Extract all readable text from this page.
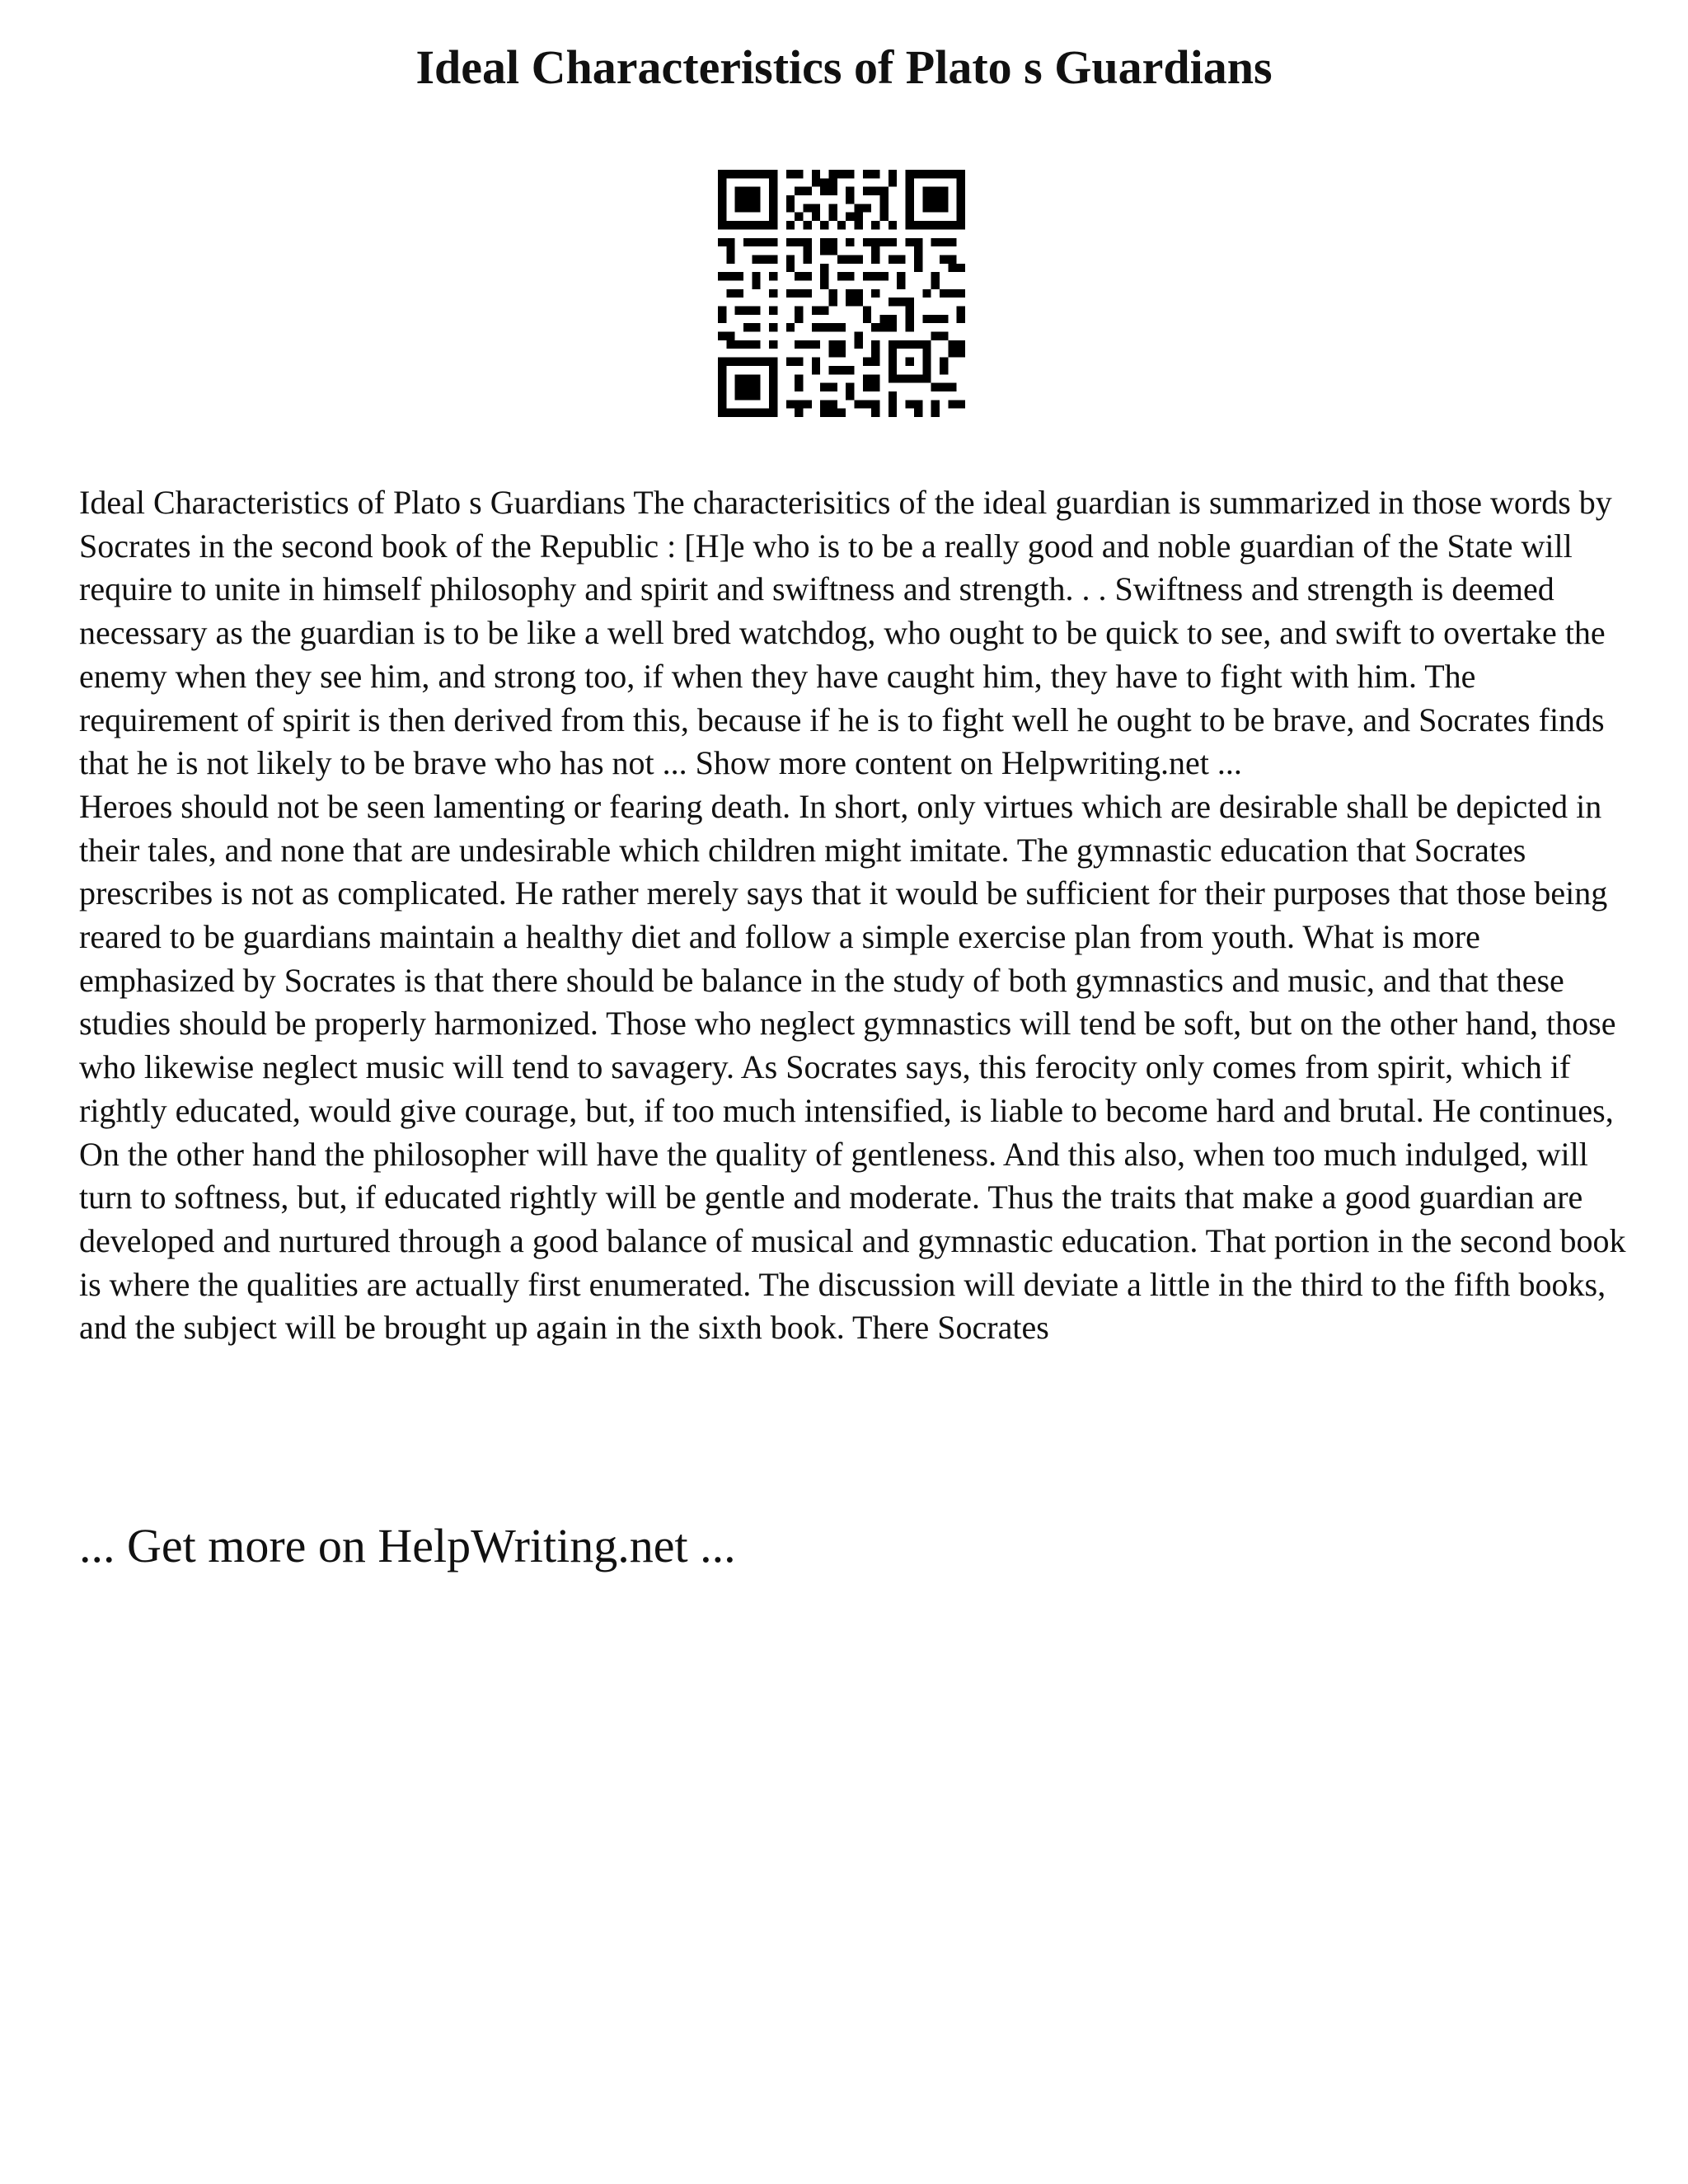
Ideal Characteristics of Plato s Guardians

Ideal Characteristics of Plato s Guardians The characterisitics of the ideal guardian is summarized in those words by Socrates in the second book of the Republic : [H]e who is to be a really good and noble guardian of the State will require to unite in himself philosophy and spirit and swiftness and strength. . . Swiftness and strength is deemed necessary as the guardian is to be like a well bred watchdog, who ought to be quick to see, and swift to overtake the enemy when they see him, and strong too, if when they have caught him, they have to fight with him. The requirement of spirit is then derived from this, because if he is to fight well he ought to be brave, and Socrates finds that he is not likely to be brave who has not ... Show more content on Helpwriting.net ...

Heroes should not be seen lamenting or fearing death. In short, only virtues which are desirable shall be depicted in their tales, and none that are undesirable which children might imitate. The gymnastic education that Socrates prescribes is not as complicated. He rather merely says that it would be sufficient for their purposes that those being reared to be guardians maintain a healthy diet and follow a simple exercise plan from youth. What is more emphasized by Socrates is that there should be balance in the study of both gymnastics and music, and that these studies should be properly harmonized. Those who neglect gymnastics will tend be soft, but on the other hand, those who likewise neglect music will tend to savagery. As Socrates says, this ferocity only comes from spirit, which if rightly educated, would give courage, but, if too much intensified, is liable to become hard and brutal. He continues, On the other hand the philosopher will have the quality of gentleness. And this also, when too much indulged, will turn to softness, but, if educated rightly will be gentle and moderate. Thus the traits that make a good guardian are developed and nurtured through a good balance of musical and gymnastic education. That portion in the second book is where the qualities are actually first enumerated. The discussion will deviate a little in the third to the fifth books, and the subject will be brought up again in the sixth book. There Socrates

... Get more on HelpWriting.net ...
